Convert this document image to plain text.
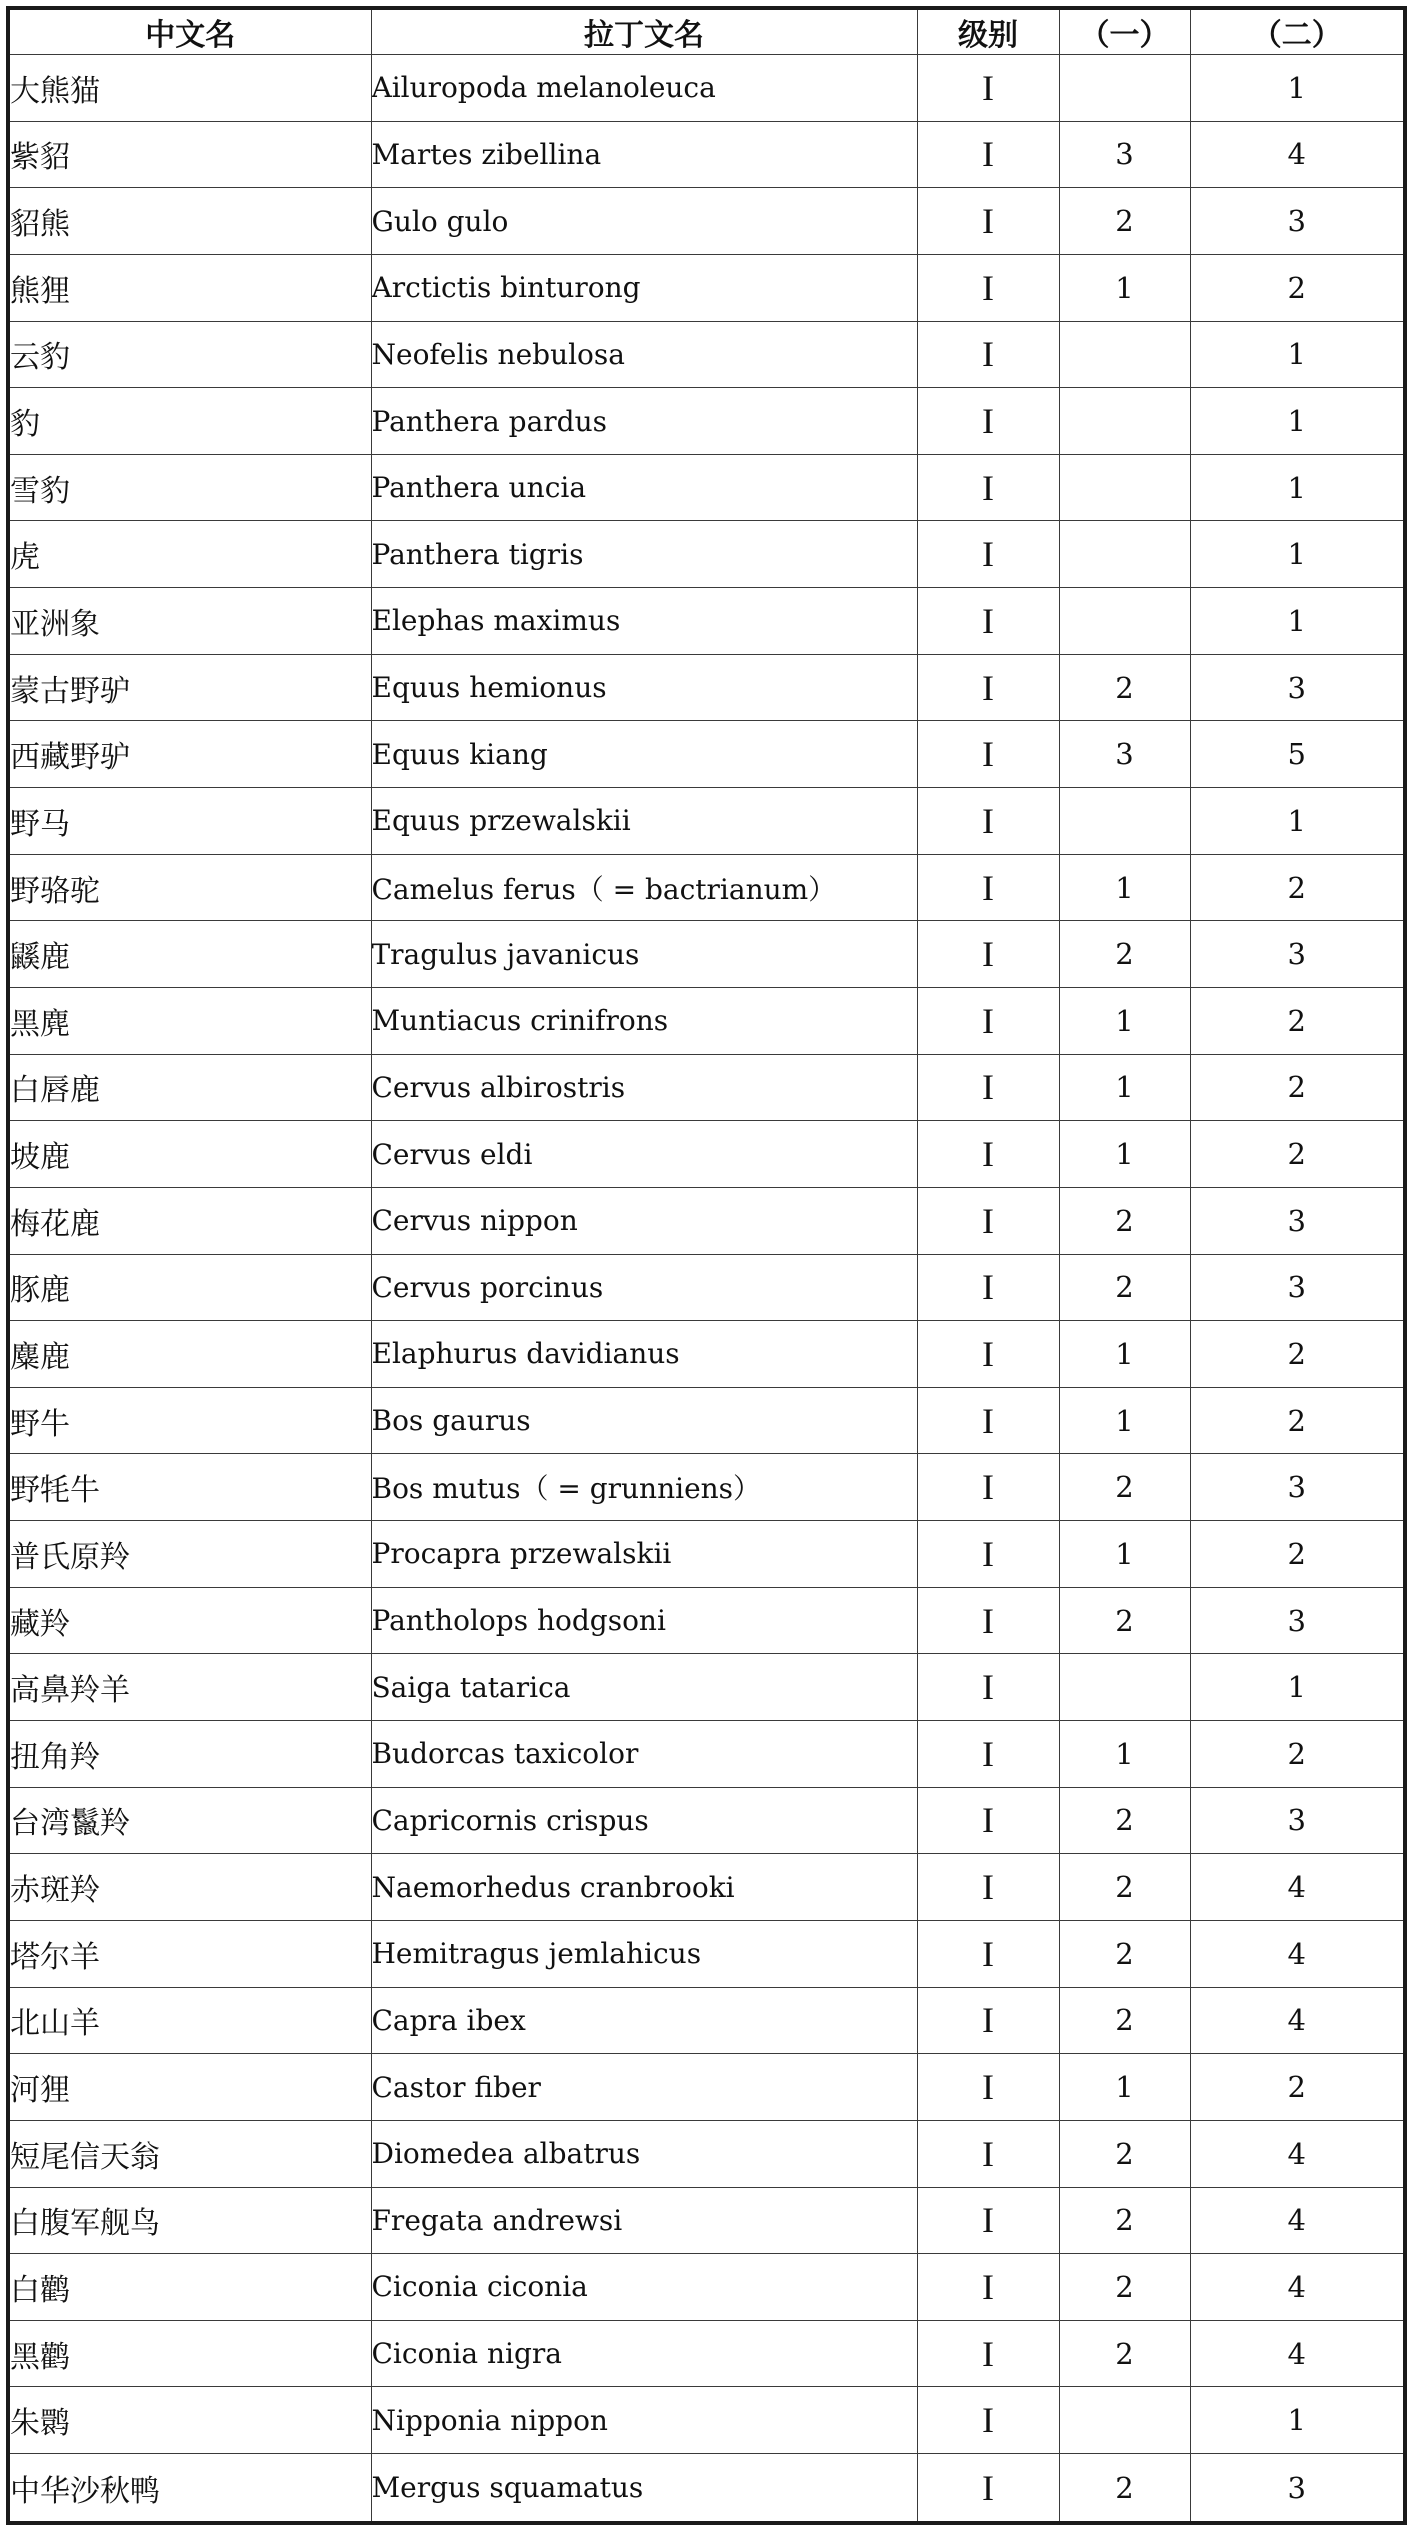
中文名	拉丁文名	级别	（一）	（二）
大熊猫	Ailuropoda melanoleuca	I		1
紫貂	Martes zibellina	I	3	4
貂熊	Gulo gulo	I	2	3
熊狸	Arctictis binturong	I	1	2
云豹	Neofelis nebulosa	I		1
豹	Panthera pardus	I		1
雪豹	Panthera uncia	I		1
虎	Panthera tigris	I		1
亚洲象	Elephas maximus	I		1
蒙古野驴	Equus hemionus	I	2	3
西藏野驴	Equus kiang	I	3	5
野马	Equus przewalskii	I		1
野骆驼	Camelus ferus（ = bactrianum）	I	1	2
鼷鹿	Tragulus javanicus	I	2	3
黑麂	Muntiacus crinifrons	I	1	2
白唇鹿	Cervus albirostris	I	1	2
坡鹿	Cervus eldi	I	1	2
梅花鹿	Cervus nippon	I	2	3
豚鹿	Cervus porcinus	I	2	3
麋鹿	Elaphurus davidianus	I	1	2
野牛	Bos gaurus	I	1	2
野牦牛	Bos mutus（ = grunniens）	I	2	3
普氏原羚	Procapra przewalskii	I	1	2
藏羚	Pantholops hodgsoni	I	2	3
高鼻羚羊	Saiga tatarica	I		1
扭角羚	Budorcas taxicolor	I	1	2
台湾鬣羚	Capricornis crispus	I	2	3
赤斑羚	Naemorhedus cranbrooki	I	2	4
塔尔羊	Hemitragus jemlahicus	I	2	4
北山羊	Capra ibex	I	2	4
河狸	Castor fiber	I	1	2
短尾信天翁	Diomedea albatrus	I	2	4
白腹军舰鸟	Fregata andrewsi	I	2	4
白鹳	Ciconia ciconia	I	2	4
黑鹳	Ciconia nigra	I	2	4
朱鹮	Nipponia nippon	I		1
中华沙秋鸭	Mergus squamatus	I	2	3
